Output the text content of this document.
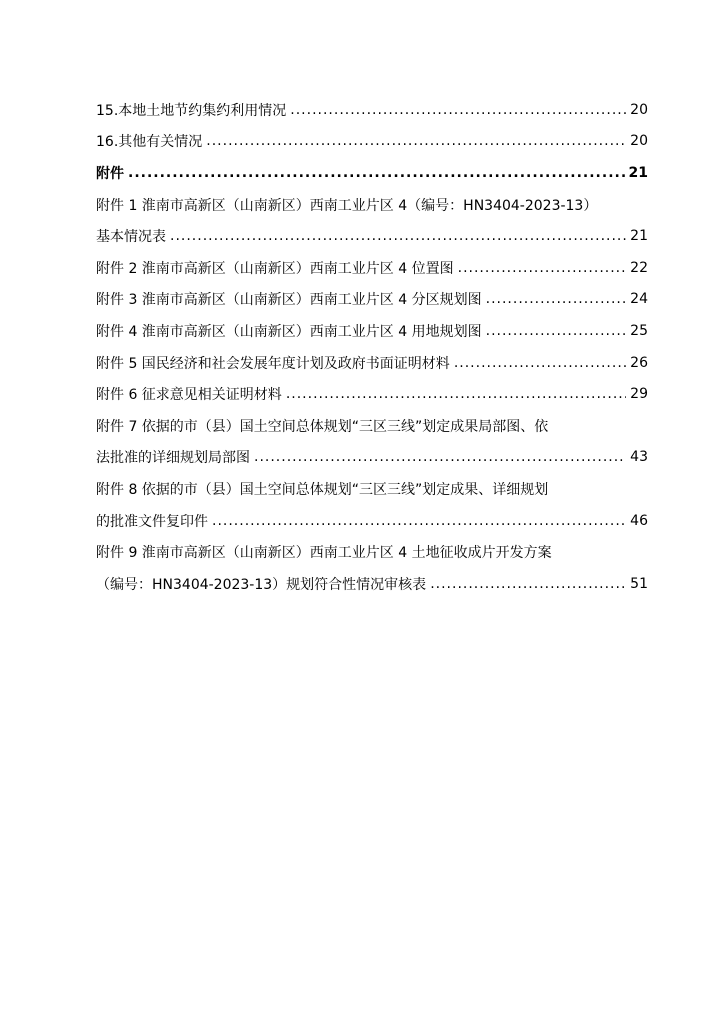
15.本地土地节约集约利用情况 .....	20
16.其他有关情况 .....	20
附件 .....	21
附件 1 淮南市高新区（山南新区）西南工业片区 4（编号：HN3404-2023-13）
基本情况表 .....	21
附件 2 淮南市高新区（山南新区）西南工业片区 4 位置图 .....	22
附件 3 淮南市高新区（山南新区）西南工业片区 4 分区规划图 .....	24
附件 4 淮南市高新区（山南新区）西南工业片区 4 用地规划图 .....	25
附件 5 国民经济和社会发展年度计划及政府书面证明材料 .....	26
附件 6 征求意见相关证明材料 .....	29
附件 7 依据的市（县）国土空间总体规划“三区三线”划定成果局部图、依
法批准的详细规划局部图 .....	43
附件 8 依据的市（县）国土空间总体规划“三区三线”划定成果、详细规划
的批准文件复印件 .....	46
附件 9 淮南市高新区（山南新区）西南工业片区 4 土地征收成片开发方案
（编号：HN3404-2023-13）规划符合性情况审核表 .....	51
